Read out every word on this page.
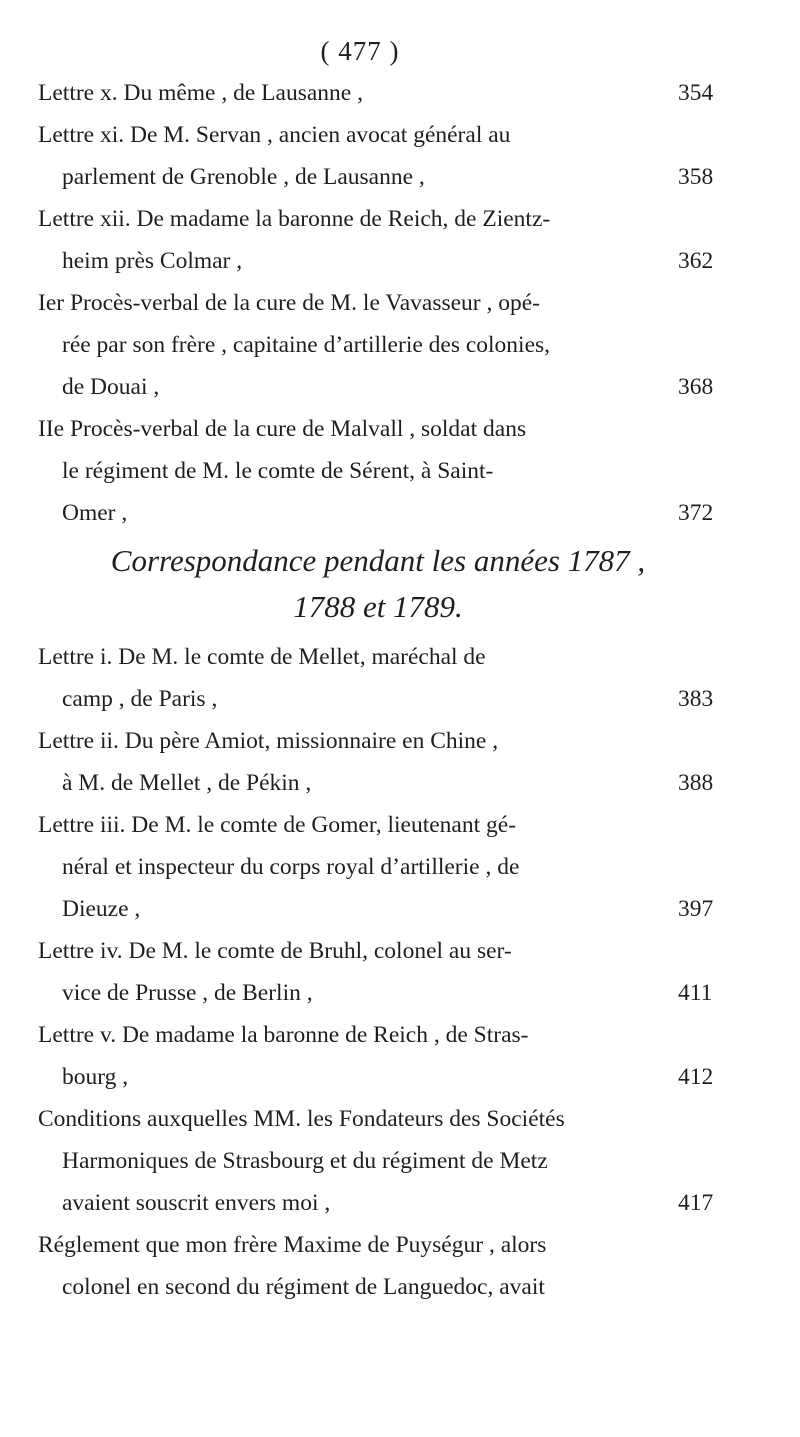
( 477 )
Lettre x. Du même , de Lausanne ,	354
Lettre xi. De M. Servan , ancien avocat général au
parlement de Grenoble , de Lausanne ,	358
Lettre xii. De madame la baronne de Reich, de Zientz-
heim près Colmar ,	362
Ier Procès-verbal de la cure de M. le Vavasseur , opé-
rée par son frère , capitaine d’artillerie des colonies,
de Douai ,	368
IIe Procès-verbal de la cure de Malvall , soldat dans
le régiment de M. le comte de Sérent, à Saint-
Omer ,	372
Correspondance pendant les années 1787 ,
1788 et 1789.
Lettre i. De M. le comte de Mellet, maréchal de
camp , de Paris ,	383
Lettre ii. Du père Amiot, missionnaire en Chine ,
à M. de Mellet , de Pékin ,	388
Lettre iii. De M. le comte de Gomer, lieutenant gé-
néral et inspecteur du corps royal d’artillerie , de
Dieuze ,	397
Lettre iv. De M. le comte de Bruhl, colonel au ser-
vice de Prusse , de Berlin ,	411
Lettre v. De madame la baronne de Reich , de Stras-
bourg ,	412
Conditions auxquelles MM. les Fondateurs des Sociétés
Harmoniques de Strasbourg et du régiment de Metz
avaient souscrit envers moi ,	417
Réglement que mon frère Maxime de Puységur , alors
colonel en second du régiment de Languedoc, avait
